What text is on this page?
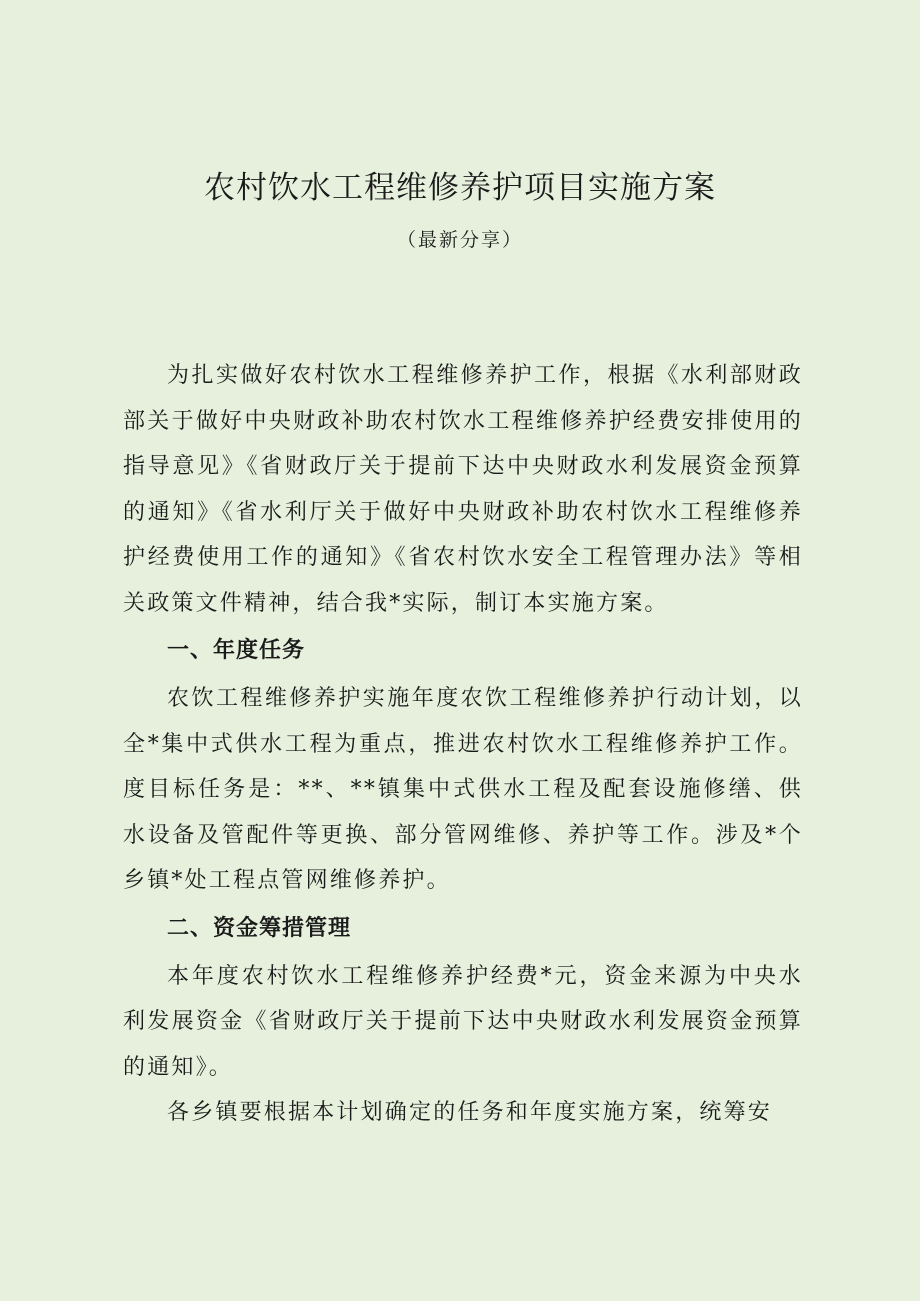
农村饮水工程维修养护项目实施方案

（最新分享）

为扎实做好农村饮水工程维修养护工作，根据《水利部财政部关于做好中央财政补助农村饮水工程维修养护经费安排使用的指导意见》《省财政厅关于提前下达中央财政水利发展资金预算的通知》《省水利厅关于做好中央财政补助农村饮水工程维修养护经费使用工作的通知》《省农村饮水安全工程管理办法》等相关政策文件精神，结合我*实际，制订本实施方案。

一、年度任务

农饮工程维修养护实施年度农饮工程维修养护行动计划，以全*集中式供水工程为重点，推进农村饮水工程维修养护工作。度目标任务是：**、**镇集中式供水工程及配套设施修缮、供水设备及管配件等更换、部分管网维修、养护等工作。涉及*个乡镇*处工程点管网维修养护。

二、资金筹措管理

本年度农村饮水工程维修养护经费*元，资金来源为中央水利发展资金《省财政厅关于提前下达中央财政水利发展资金预算的通知》。

各乡镇要根据本计划确定的任务和年度实施方案，统筹安
